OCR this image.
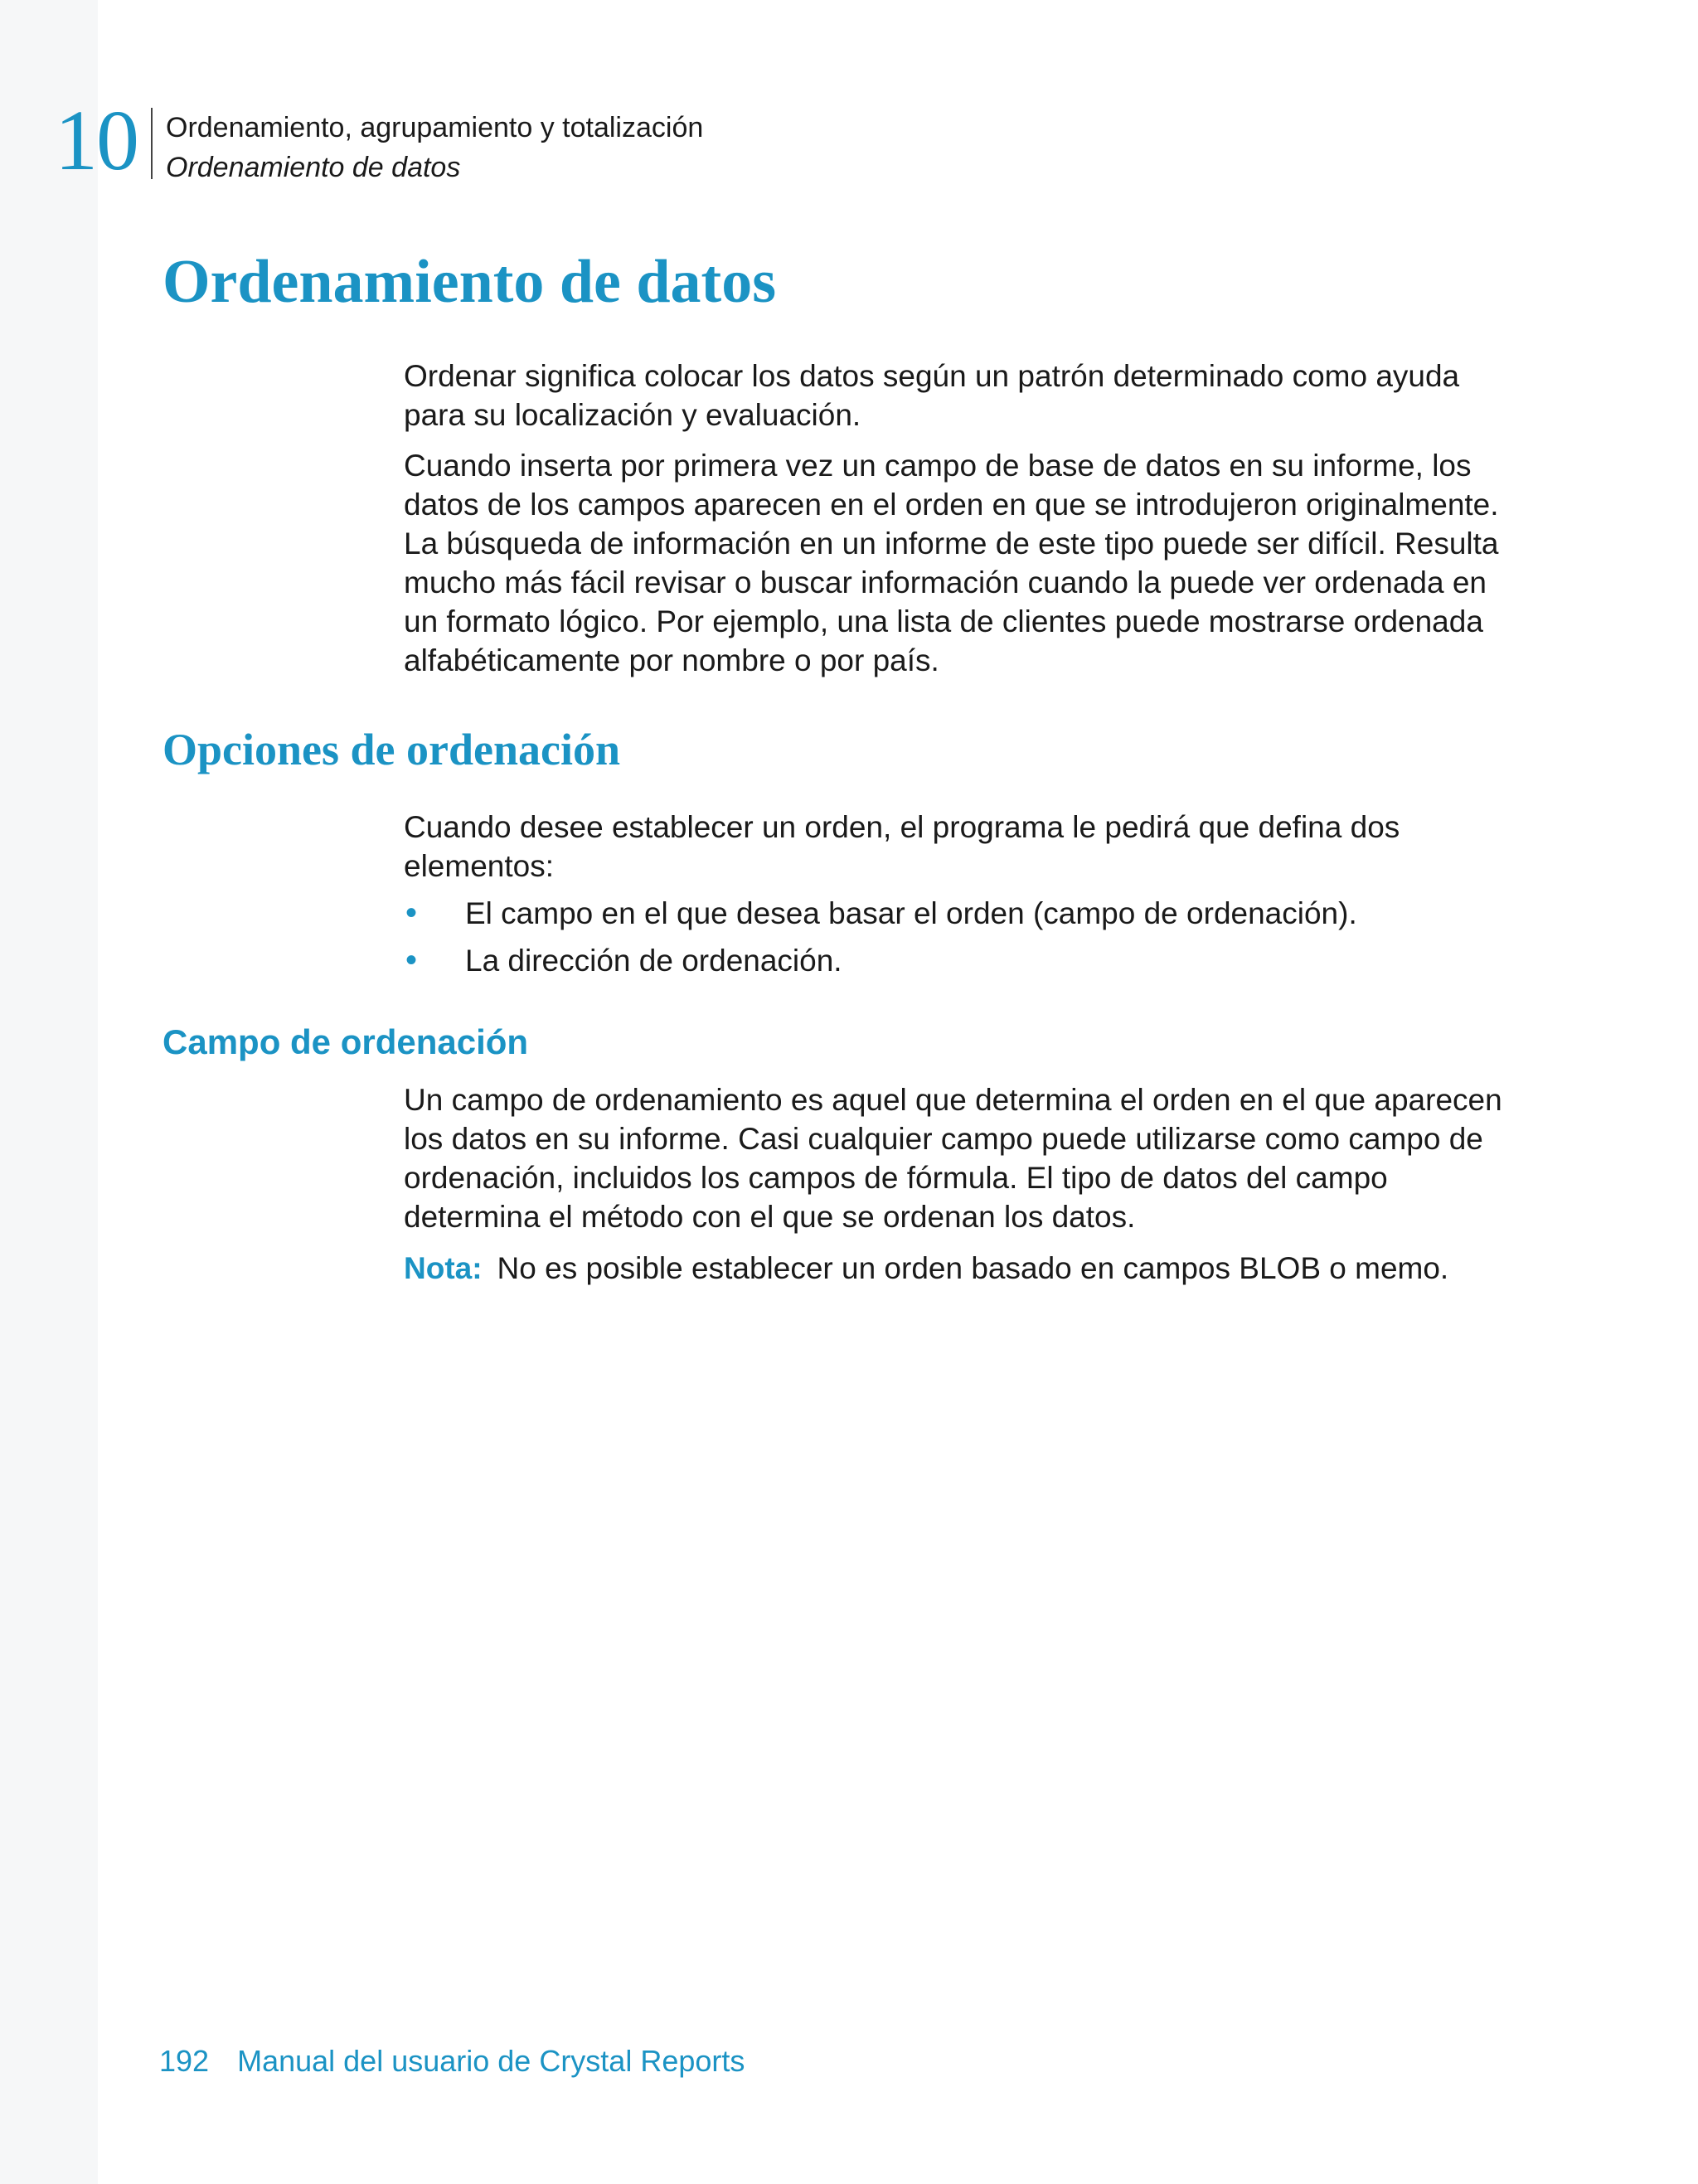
10 Ordenamiento, agrupamiento y totalización
Ordenamiento de datos
Ordenamiento de datos

Ordenar significa colocar los datos según un patrón determinado como ayuda para su localización y evaluación.

Cuando inserta por primera vez un campo de base de datos en su informe, los datos de los campos aparecen en el orden en que se introdujeron originalmente. La búsqueda de información en un informe de este tipo puede ser difícil. Resulta mucho más fácil revisar o buscar información cuando la puede ver ordenada en un formato lógico. Por ejemplo, una lista de clientes puede mostrarse ordenada alfabéticamente por nombre o por país.

Opciones de ordenación

Cuando desee establecer un orden, el programa le pedirá que defina dos elementos:

• El campo en el que desea basar el orden (campo de ordenación).
• La dirección de ordenación.
Campo de ordenación

Un campo de ordenamiento es aquel que determina el orden en el que aparecen los datos en su informe. Casi cualquier campo puede utilizarse como campo de ordenación, incluidos los campos de fórmula. El tipo de datos del campo determina el método con el que se ordenan los datos.

Nota: No es posible establecer un orden basado en campos BLOB o memo.

192 Manual del usuario de Crystal Reports
